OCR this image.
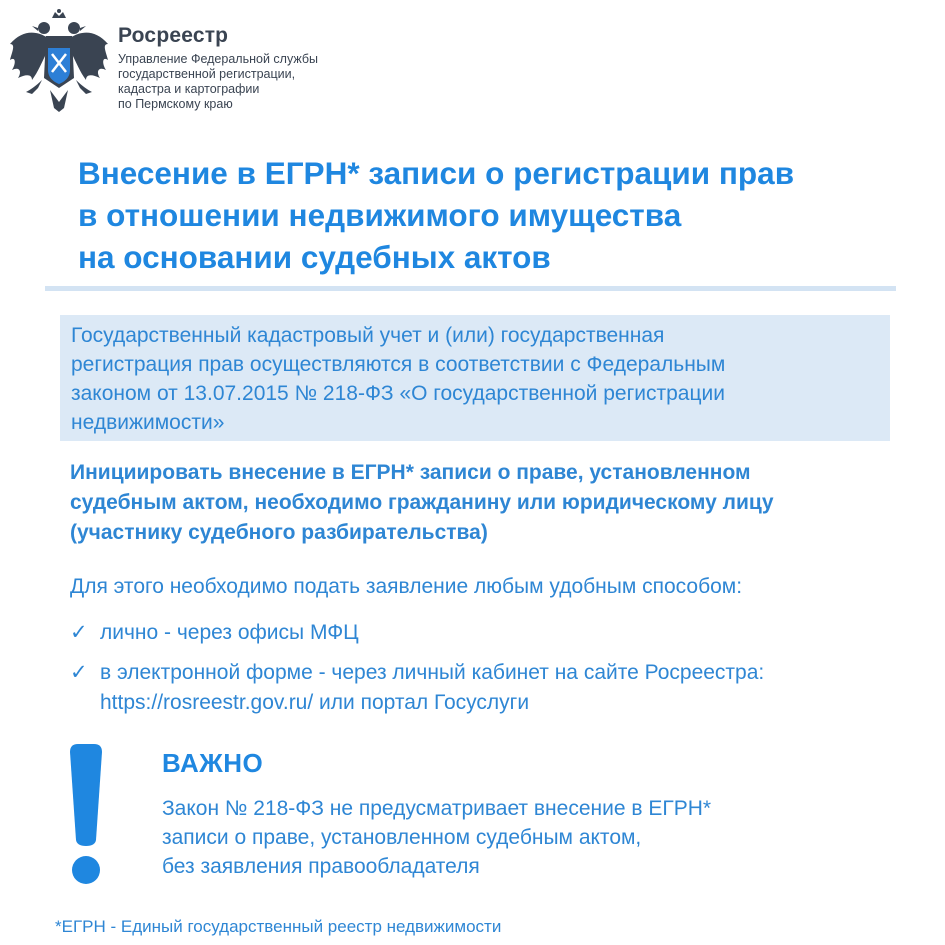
Росреестр
Управление Федеральной службы
государственной регистрации,
кадастра и картографии
по Пермскому краю
Внесение в ЕГРН* записи о регистрации прав
в отношении недвижимого имущества
на основании судебных актов
Государственный кадастровый учет и (или) государственная
регистрация прав осуществляются в соответствии с Федеральным
законом от 13.07.2015 № 218-ФЗ «О государственной регистрации
недвижимости»
Инициировать внесение в ЕГРН* записи о праве, установленном
судебным актом, необходимо гражданину или юридическому лицу
(участнику судебного разбирательства)
Для этого необходимо подать заявление любым удобным способом:
✓ лично - через офисы МФЦ
✓ в электронной форме - через личный кабинет на сайте Росреестра:
https://rosreestr.gov.ru/ или портал Госуслуги
ВАЖНО
Закон № 218-ФЗ не предусматривает внесение в ЕГРН*
записи о праве, установленном судебным актом,
без заявления правообладателя
*ЕГРН - Единый государственный реестр недвижимости
